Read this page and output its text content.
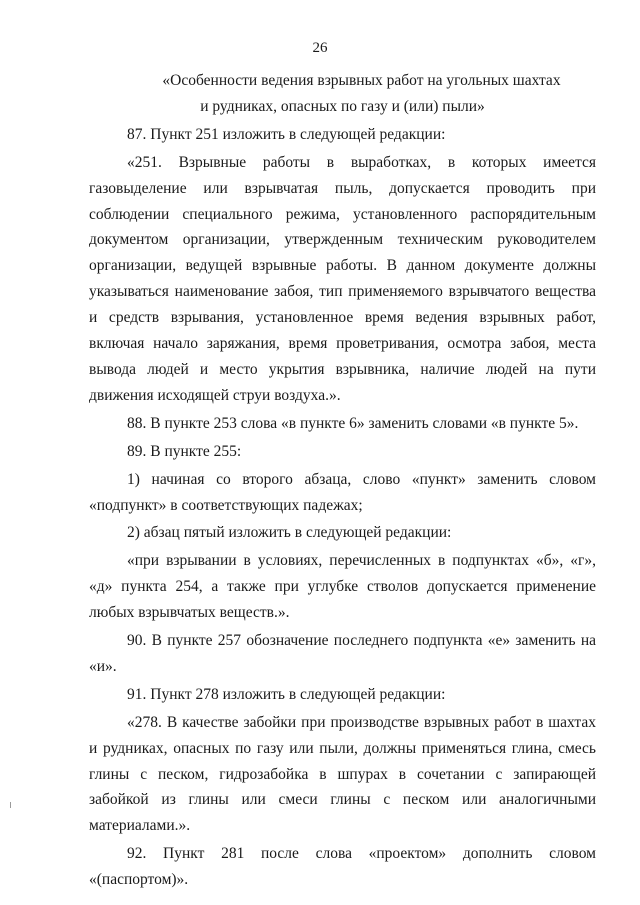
26

«Особенности ведения взрывных работ на угольных шахтах

и рудниках, опасных по газу и (или) пыли»

87. Пункт 251 изложить в следующей редакции:

«251. Взрывные работы в выработках, в которых имеется газовыделение или взрывчатая пыль, допускается проводить при соблюдении специального режима, установленного распорядительным документом организации, утвержденным техническим руководителем организации, ведущей взрывные работы. В данном документе должны указываться наименование забоя, тип применяемого взрывчатого вещества и средств взрывания, установленное время ведения взрывных работ, включая начало заряжания, время проветривания, осмотра забоя, места вывода людей и место укрытия взрывника, наличие людей на пути движения исходящей струи воздуха.».

88. В пункте 253 слова «в пункте 6» заменить словами «в пункте 5».

89. В пункте 255:

1) начиная со второго абзаца, слово «пункт» заменить словом «подпункт» в соответствующих падежах;

2) абзац пятый изложить в следующей редакции:

«при взрывании в условиях, перечисленных в подпунктах «б», «г», «д» пункта 254, а также при углубке стволов допускается применение любых взрывчатых веществ.».

90. В пункте 257 обозначение последнего подпункта «е» заменить на «и».

91. Пункт 278 изложить в следующей редакции:

«278. В качестве забойки при производстве взрывных работ в шахтах и рудниках, опасных по газу или пыли, должны применяться глина, смесь глины с песком, гидрозабойка в шпурах в сочетании с запирающей забойкой из глины или смеси глины с песком или аналогичными материалами.».

92. Пункт 281 после слова «проектом» дополнить словом «(паспортом)».
